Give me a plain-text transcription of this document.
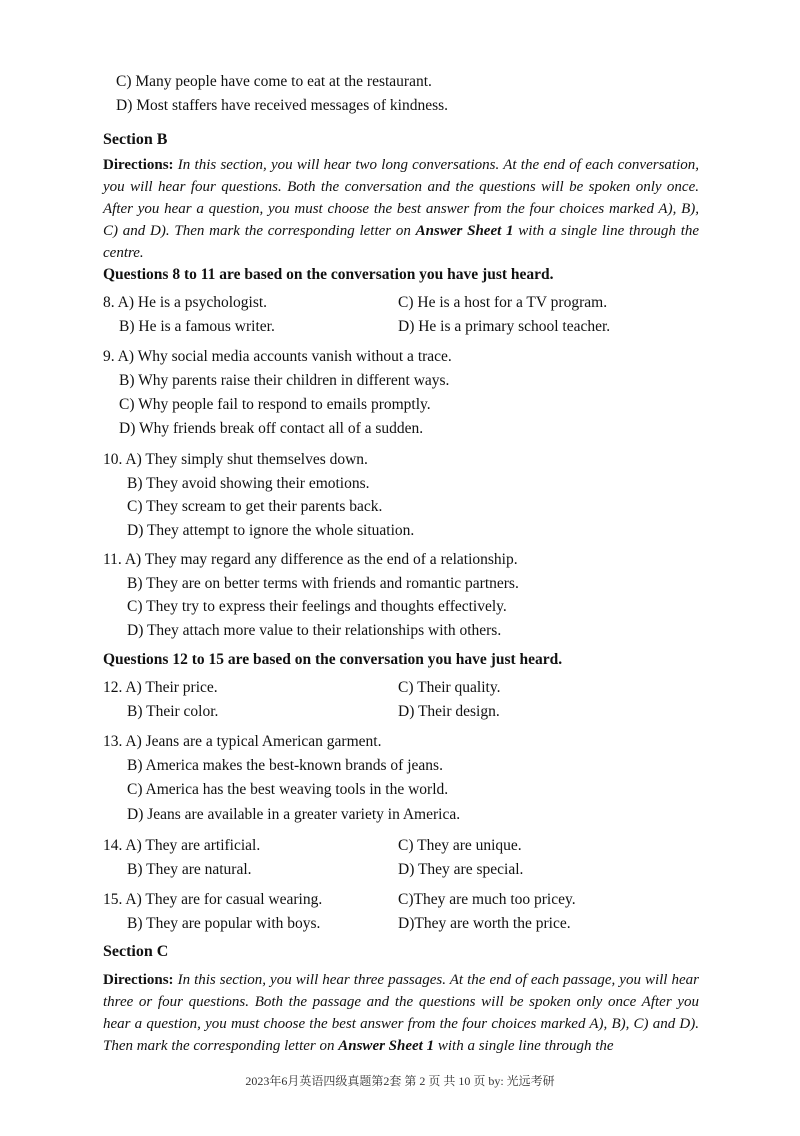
C) Many people have come to eat at the restaurant.
D) Most staffers have received messages of kindness.
Section B
Directions: In this section, you will hear two long conversations. At the end of each conversation, you will hear four questions. Both the conversation and the questions will be spoken only once. After you hear a question, you must choose the best answer from the four choices marked A), B), C) and D). Then mark the corresponding letter on Answer Sheet 1 with a single line through the centre.
Questions 8 to 11 are based on the conversation you have just heard.
8. A) He is a psychologist.	C) He is a host for a TV program.
B) He is a famous writer.	D) He is a primary school teacher.
9. A) Why social media accounts vanish without a trace.
B) Why parents raise their children in different ways.
C) Why people fail to respond to emails promptly.
D) Why friends break off contact all of a sudden.
10. A) They simply shut themselves down.
B) They avoid showing their emotions.
C) They scream to get their parents back.
D) They attempt to ignore the whole situation.
11. A) They may regard any difference as the end of a relationship.
B) They are on better terms with friends and romantic partners.
C) They try to express their feelings and thoughts effectively.
D) They attach more value to their relationships with others.
Questions 12 to 15 are based on the conversation you have just heard.
12. A) Their price.	C) Their quality.
B) Their color.	D) Their design.
13. A) Jeans are a typical American garment.
B) America makes the best-known brands of jeans.
C) America has the best weaving tools in the world.
D) Jeans are available in a greater variety in America.
14. A) They are artificial.	C) They are unique.
B) They are natural.	D) They are special.
15. A) They are for casual wearing.	C)They are much too pricey.
B) They are popular with boys.	D)They are worth the price.
Section C
Directions: In this section, you will hear three passages. At the end of each passage, you will hear three or four questions. Both the passage and the questions will be spoken only once After you hear a question, you must choose the best answer from the four choices marked A), B), C) and D). Then mark the corresponding letter on Answer Sheet 1 with a single line through the
2023年6月英语四级真题第2套 第 2 页 共 10 页 by: 光远考研
